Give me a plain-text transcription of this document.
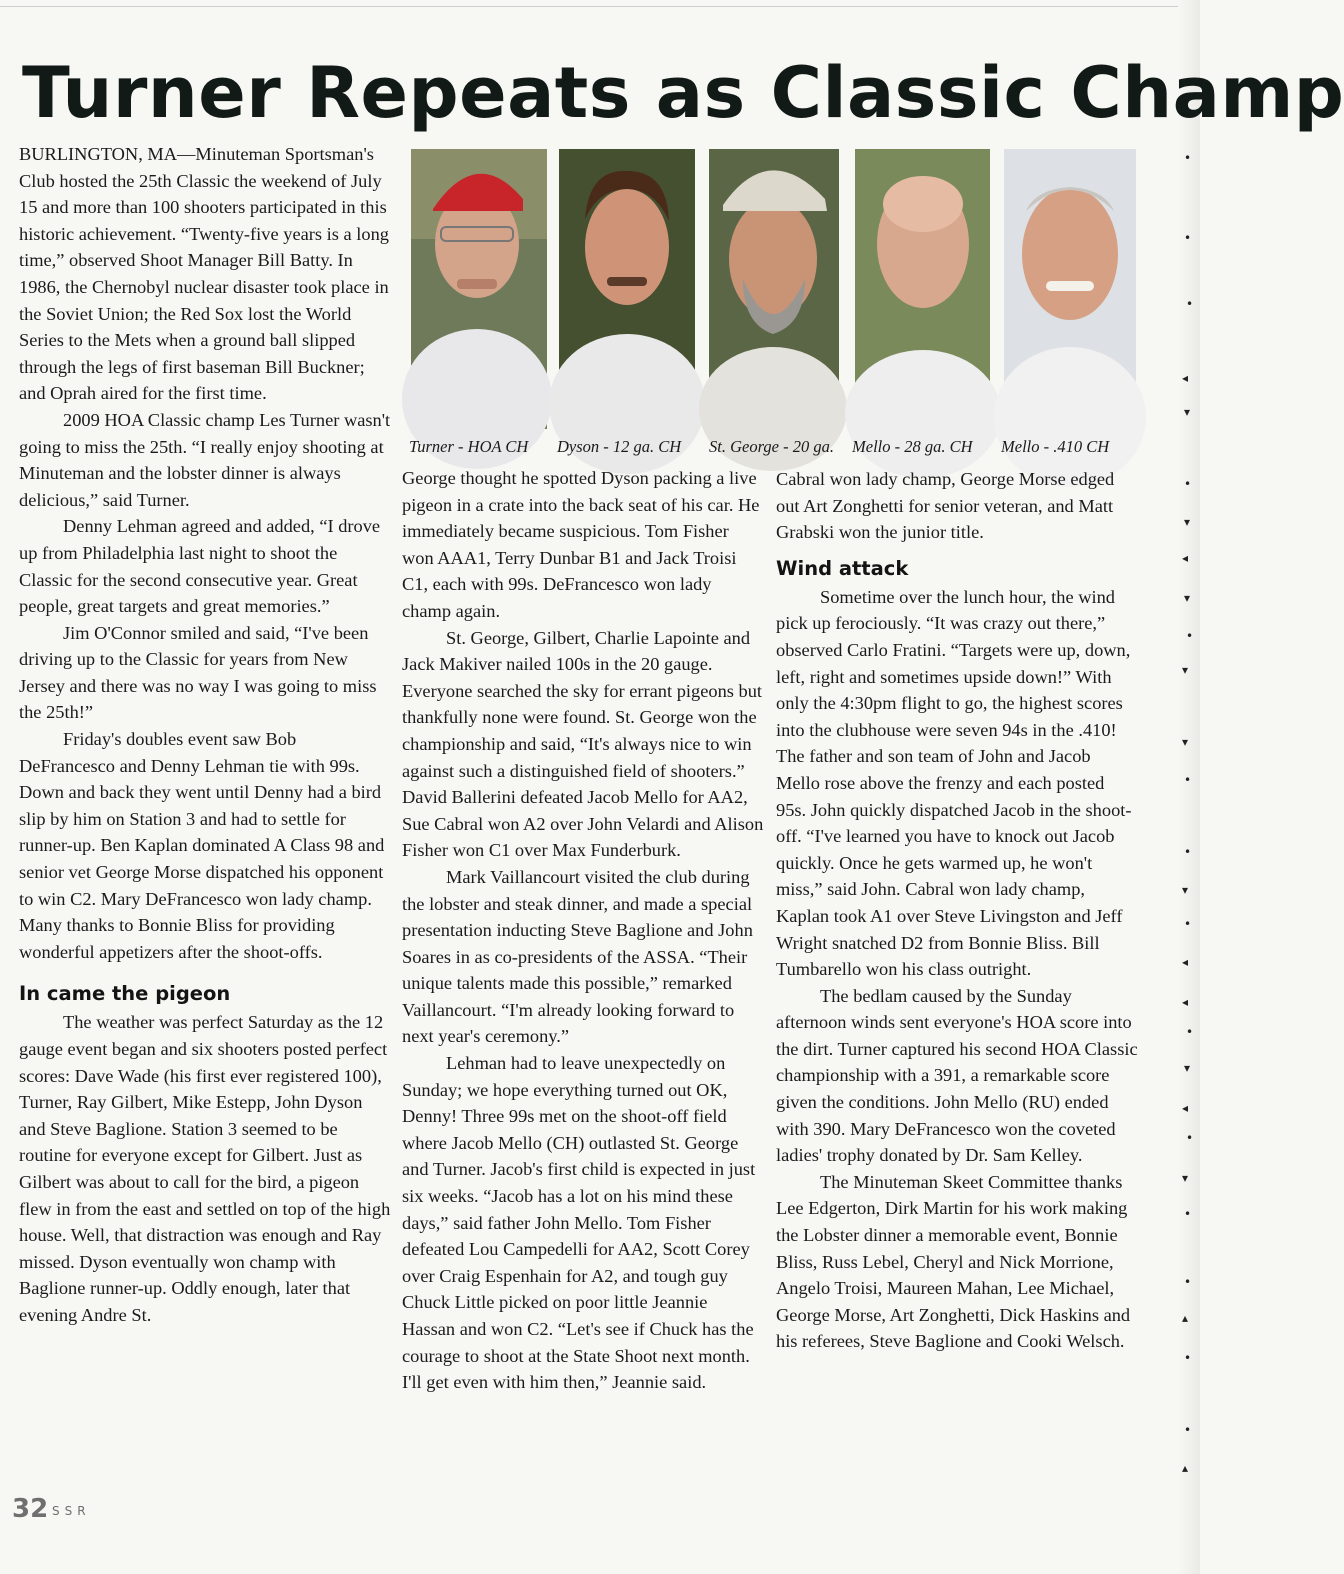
Turner Repeats as Classic Champ
Turner - HOA CH Dyson - 12 ga. CH St. George - 20 ga. Mello - 28 ga. CH Mello - .410 CH

BURLINGTON, MA—Minuteman Sportsman's Club hosted the 25th Classic the weekend of July 15 and more than 100 shooters participated in this historic achievement. “Twenty-five years is a long time,” observed Shoot Manager Bill Batty. In 1986, the Chernobyl nuclear disaster took place in the Soviet Union; the Red Sox lost the World Series to the Mets when a ground ball slipped through the legs of first baseman Bill Buckner; and Oprah aired for the first time.

2009 HOA Classic champ Les Turner wasn't going to miss the 25th. “I really enjoy shooting at Minuteman and the lobster dinner is always delicious,” said Turner.

Denny Lehman agreed and added, “I drove up from Philadelphia last night to shoot the Classic for the second consecutive year. Great people, great targets and great memories.”

Jim O'Connor smiled and said, “I've been driving up to the Classic for years from New Jersey and there was no way I was going to miss the 25th!”

Friday's doubles event saw Bob DeFrancesco and Denny Lehman tie with 99s. Down and back they went until Denny had a bird slip by him on Station 3 and had to settle for runner-up. Ben Kaplan dominated A Class 98 and senior vet George Morse dispatched his opponent to win C2. Mary DeFrancesco won lady champ. Many thanks to Bonnie Bliss for providing wonderful appetizers after the shoot-offs.

In came the pigeon

The weather was perfect Saturday as the 12 gauge event began and six shooters posted perfect scores: Dave Wade (his first ever registered 100), Turner, Ray Gilbert, Mike Estepp, John Dyson and Steve Baglione. Station 3 seemed to be routine for everyone except for Gilbert. Just as Gilbert was about to call for the bird, a pigeon flew in from the east and settled on top of the high house. Well, that distraction was enough and Ray missed. Dyson eventually won champ with Baglione runner-up. Oddly enough, later that evening Andre St.

George thought he spotted Dyson packing a live pigeon in a crate into the back seat of his car. He immediately became suspicious. Tom Fisher won AAA1, Terry Dunbar B1 and Jack Troisi C1, each with 99s. DeFrancesco won lady champ again.

St. George, Gilbert, Charlie Lapointe and Jack Makiver nailed 100s in the 20 gauge. Everyone searched the sky for errant pigeons but thankfully none were found. St. George won the championship and said, “It's always nice to win against such a distinguished field of shooters.” David Ballerini defeated Jacob Mello for AA2, Sue Cabral won A2 over John Velardi and Alison Fisher won C1 over Max Funderburk.

Mark Vaillancourt visited the club during the lobster and steak dinner, and made a special presentation inducting Steve Baglione and John Soares in as co-presidents of the ASSA. “Their unique talents made this possible,” remarked Vaillancourt. “I'm already looking forward to next year's ceremony.”

Lehman had to leave unexpectedly on Sunday; we hope everything turned out OK, Denny! Three 99s met on the shoot-off field where Jacob Mello (CH) outlasted St. George and Turner. Jacob's first child is expected in just six weeks. “Jacob has a lot on his mind these days,” said father John Mello. Tom Fisher defeated Lou Campedelli for AA2, Scott Corey over Craig Espenhain for A2, and tough guy Chuck Little picked on poor little Jeannie Hassan and won C2. “Let's see if Chuck has the courage to shoot at the State Shoot next month. I'll get even with him then,” Jeannie said.

Cabral won lady champ, George Morse edged out Art Zonghetti for senior veteran, and Matt Grabski won the junior title.

Wind attack

Sometime over the lunch hour, the wind pick up ferociously. “It was crazy out there,” observed Carlo Fratini. “Targets were up, down, left, right and sometimes upside down!” With only the 4:30pm flight to go, the highest scores into the clubhouse were seven 94s in the .410! The father and son team of John and Jacob Mello rose above the frenzy and each posted 95s. John quickly dispatched Jacob in the shoot-off. “I've learned you have to knock out Jacob quickly. Once he gets warmed up, he won't miss,” said John. Cabral won lady champ, Kaplan took A1 over Steve Livingston and Jeff Wright snatched D2 from Bonnie Bliss. Bill Tumbarello won his class outright.

The bedlam caused by the Sunday afternoon winds sent everyone's HOA score into the dirt. Turner captured his second HOA Classic championship with a 391, a remarkable score given the conditions. John Mello (RU) ended with 390. Mary DeFrancesco won the coveted ladies' trophy donated by Dr. Sam Kelley.

The Minuteman Skeet Committee thanks Lee Edgerton, Dirk Martin for his work making the Lobster dinner a memorable event, Bonnie Bliss, Russ Lebel, Cheryl and Nick Morrione, Angelo Troisi, Maureen Mahan, Lee Michael, George Morse, Art Zonghetti, Dick Haskins and his referees, Steve Baglione and Cooki Welsch.

32 SSR
•
•
•
◂
▾
•
▾
◂
▾
•
▾
▾
•
•
▾
•
◂
◂
•
▾
◂
•
▾
•
•
▴
•
•
▴
